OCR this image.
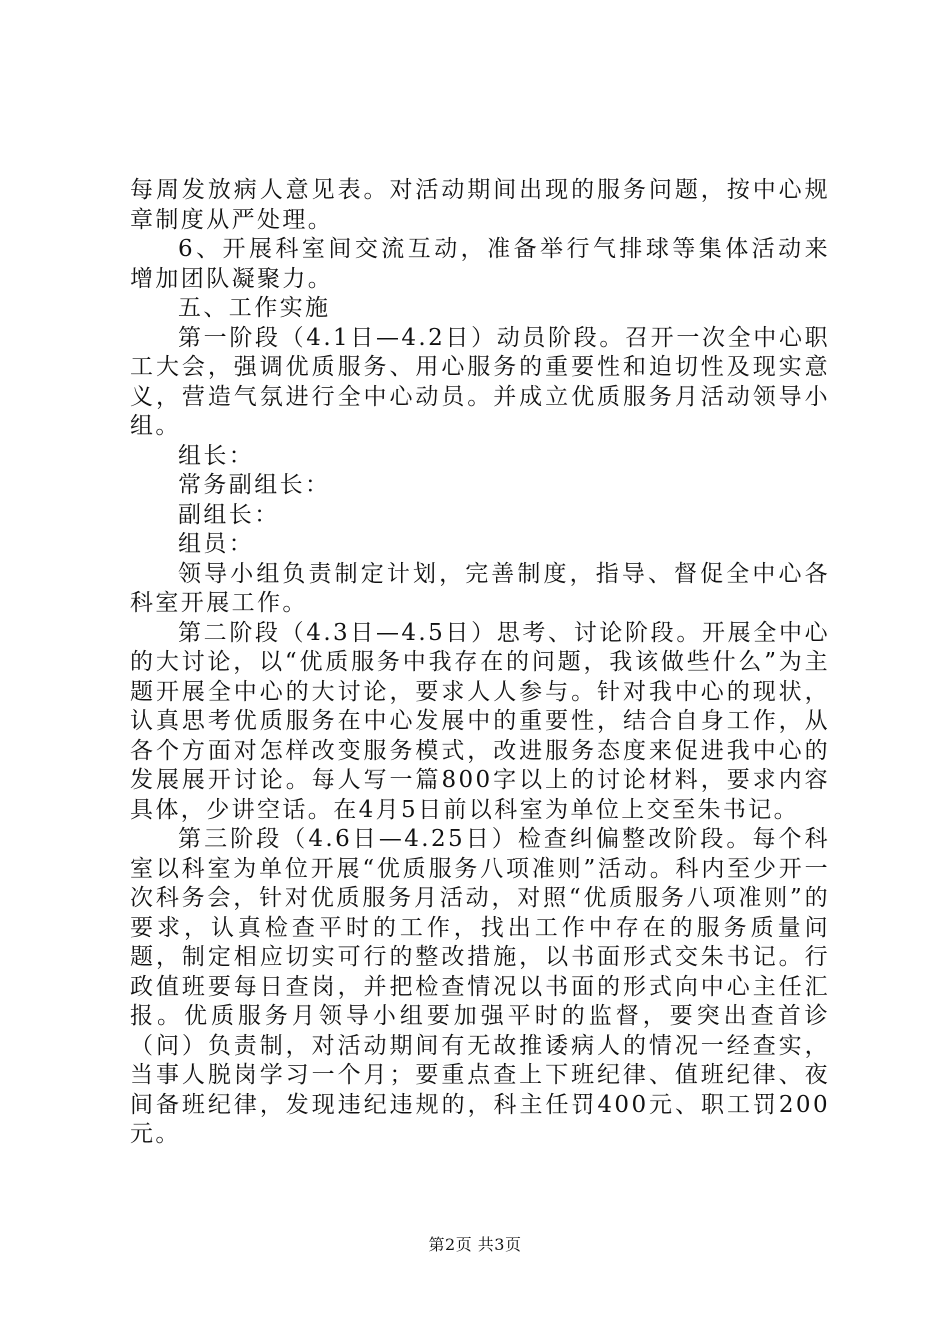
每周发放病人意见表。对活动期间出现的服务问题，按中心规章制度从严处理。

6、开展科室间交流互动，准备举行气排球等集体活动来增加团队凝聚力。

五、工作实施

第一阶段（4.1日—4.2日）动员阶段。召开一次全中心职工大会，强调优质服务、用心服务的重要性和迫切性及现实意义，营造气氛进行全中心动员。并成立优质服务月活动领导小组。

组长：

常务副组长：

副组长：

组员：

领导小组负责制定计划，完善制度，指导、督促全中心各科室开展工作。

第二阶段（4.3日—4.5日）思考、讨论阶段。开展全中心的大讨论，以“优质服务中我存在的问题，我该做些什么”为主题开展全中心的大讨论，要求人人参与。针对我中心的现状，认真思考优质服务在中心发展中的重要性，结合自身工作，从各个方面对怎样改变服务模式，改进服务态度来促进我中心的发展展开讨论。每人写一篇800字以上的讨论材料，要求内容具体，少讲空话。在4月5日前以科室为单位上交至朱书记。

第三阶段（4.6日—4.25日）检查纠偏整改阶段。每个科室以科室为单位开展“优质服务八项准则”活动。科内至少开一次科务会，针对优质服务月活动，对照“优质服务八项准则”的要求，认真检查平时的工作，找出工作中存在的服务质量问题，制定相应切实可行的整改措施，以书面形式交朱书记。行政值班要每日查岗，并把检查情况以书面的形式向中心主任汇报。优质服务月领导小组要加强平时的监督，要突出查首诊（问）负责制，对活动期间有无故推诿病人的情况一经查实，当事人脱岗学习一个月；要重点查上下班纪律、值班纪律、夜间备班纪律，发现违纪违规的，科主任罚400元、职工罚200元。

第2页 共3页
